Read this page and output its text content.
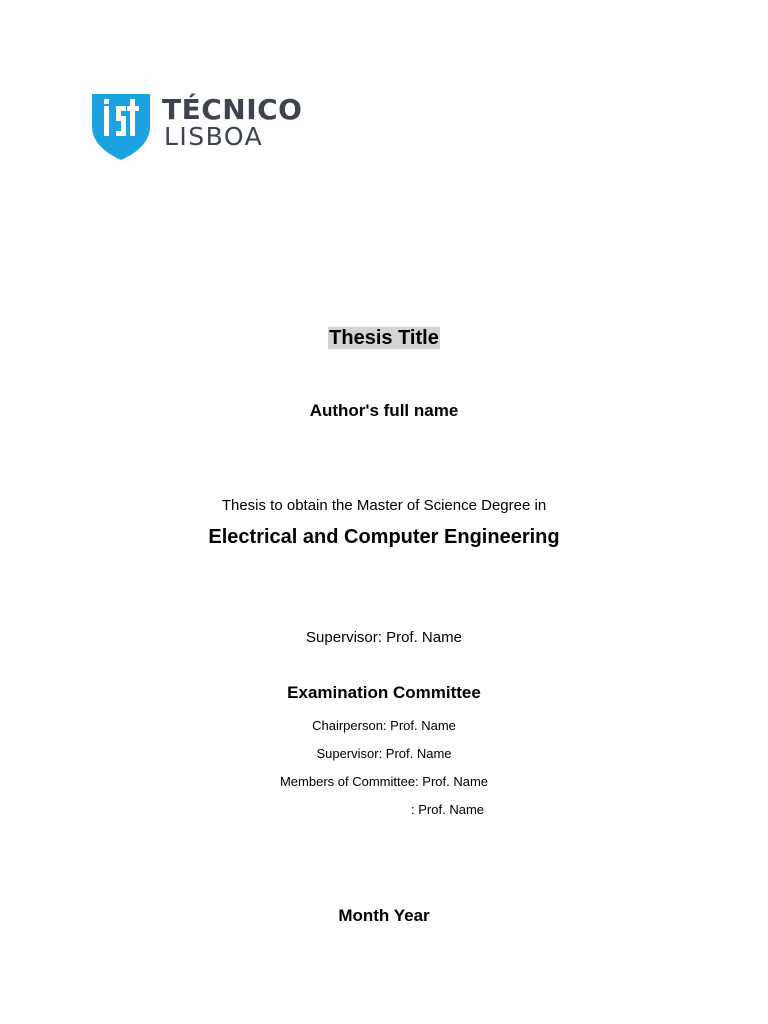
TÉCNICO
LISBOA
Thesis Title
Author's full name
Thesis to obtain the Master of Science Degree in
Electrical and Computer Engineering
Supervisor: Prof. Name
Examination Committee
Chairperson: Prof. Name
Supervisor: Prof. Name
Members of Committee: Prof. Name
: Prof. Name
Month Year
